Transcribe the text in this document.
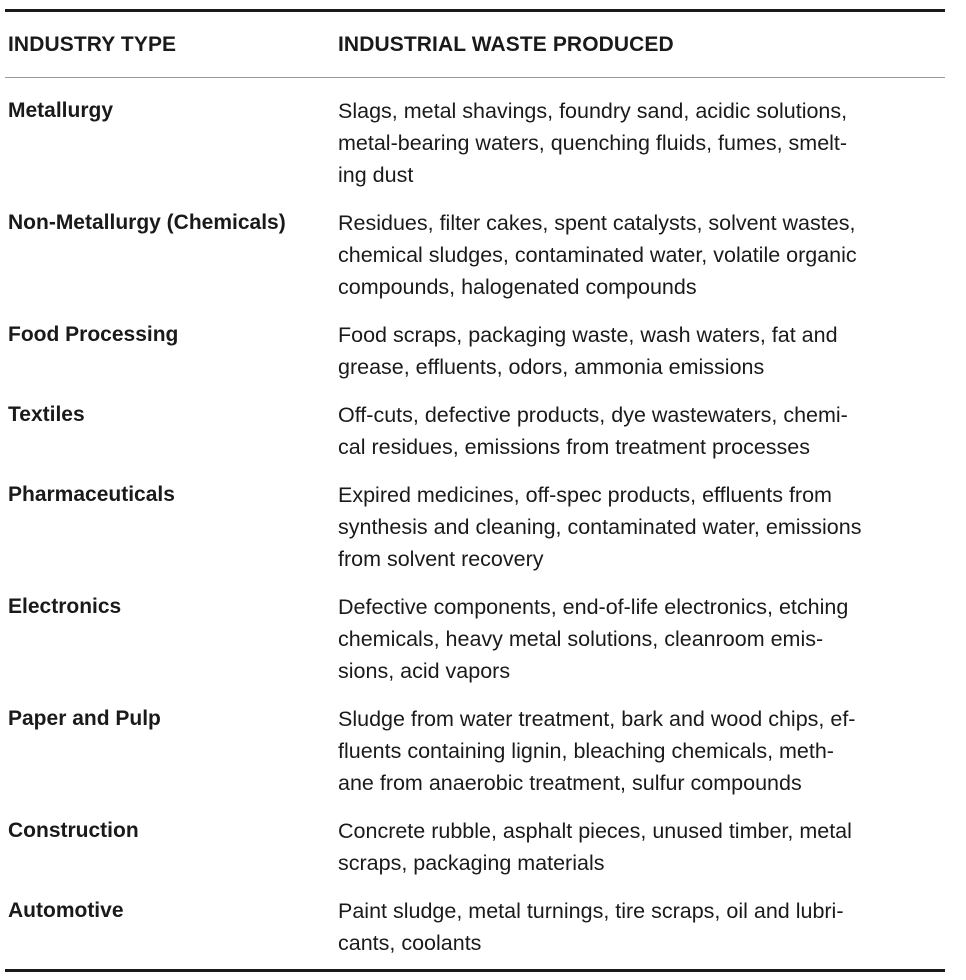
INDUSTRY TYPE	INDUSTRIAL WASTE PRODUCED
Metallurgy	Slags, metal shavings, foundry sand, acidic solutions,
metal-bearing waters, quenching fluids, fumes, smelt-
ing dust
Non-Metallurgy (Chemicals)	Residues, filter cakes, spent catalysts, solvent wastes,
chemical sludges, contaminated water, volatile organic
compounds, halogenated compounds
Food Processing	Food scraps, packaging waste, wash waters, fat and
grease, effluents, odors, ammonia emissions
Textiles	Off-cuts, defective products, dye wastewaters, chemi-
cal residues, emissions from treatment processes
Pharmaceuticals	Expired medicines, off-spec products, effluents from
synthesis and cleaning, contaminated water, emissions
from solvent recovery
Electronics	Defective components, end-of-life electronics, etching
chemicals, heavy metal solutions, cleanroom emis-
sions, acid vapors
Paper and Pulp	Sludge from water treatment, bark and wood chips, ef-
fluents containing lignin, bleaching chemicals, meth-
ane from anaerobic treatment, sulfur compounds
Construction	Concrete rubble, asphalt pieces, unused timber, metal
scraps, packaging materials
Automotive	Paint sludge, metal turnings, tire scraps, oil and lubri-
cants, coolants
